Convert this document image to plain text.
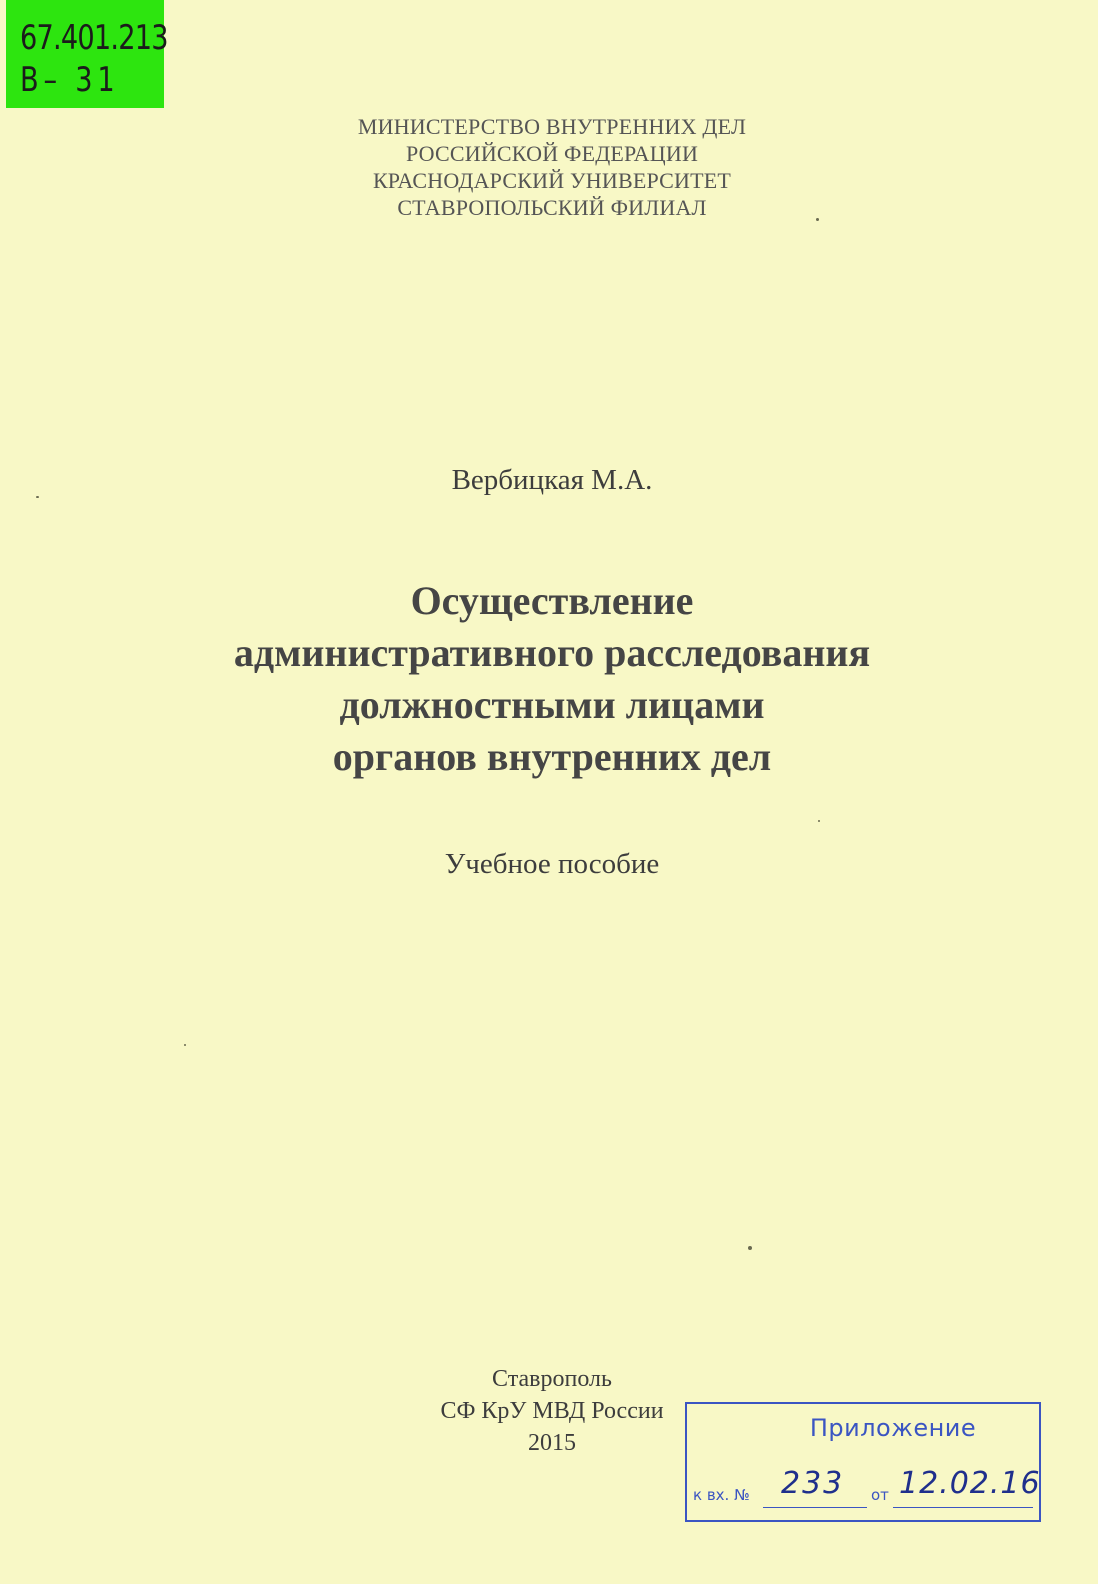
67.401.213
В– 31
МИНИСТЕРСТВО ВНУТРЕННИХ ДЕЛ
РОССИЙСКОЙ ФЕДЕРАЦИИ
КРАСНОДАРСКИЙ УНИВЕРСИТЕТ
СТАВРОПОЛЬСКИЙ ФИЛИАЛ
Вербицкая М.А.
Осуществление
административного расследования
должностными лицами
органов внутренних дел
Учебное пособие
Ставрополь
СФ КрУ МВД России
2015
Приложение
к вх. № 233 от 12.02.16
